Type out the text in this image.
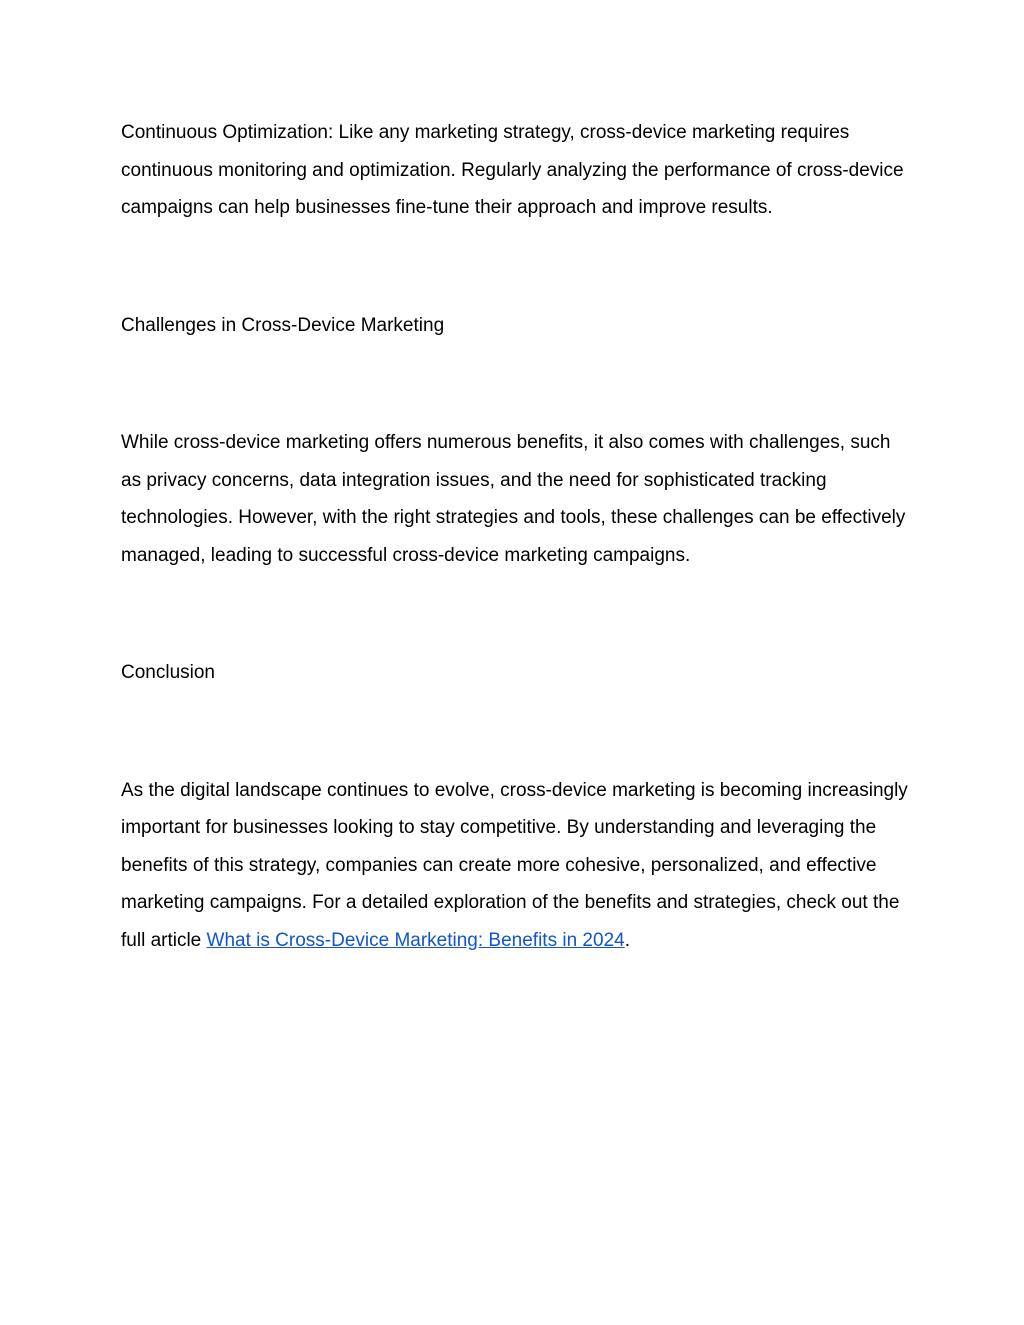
Continuous Optimization: Like any marketing strategy, cross-device marketing requires continuous monitoring and optimization. Regularly analyzing the performance of cross-device campaigns can help businesses fine-tune their approach and improve results.

Challenges in Cross-Device Marketing

While cross-device marketing offers numerous benefits, it also comes with challenges, such as privacy concerns, data integration issues, and the need for sophisticated tracking technologies. However, with the right strategies and tools, these challenges can be effectively managed, leading to successful cross-device marketing campaigns.

Conclusion

As the digital landscape continues to evolve, cross-device marketing is becoming increasingly important for businesses looking to stay competitive. By understanding and leveraging the benefits of this strategy, companies can create more cohesive, personalized, and effective marketing campaigns. For a detailed exploration of the benefits and strategies, check out the full article What is Cross-Device Marketing: Benefits in 2024.
